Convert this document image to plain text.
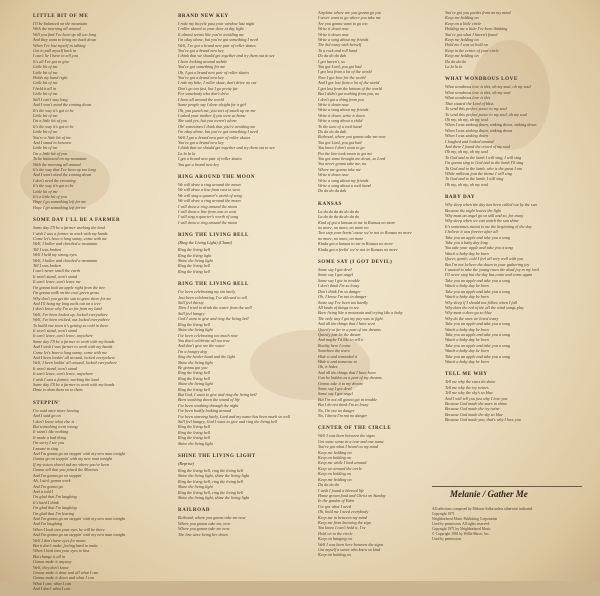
LITTLE BIT OF ME
I'll be balanced on the mountain
With the morning all around
Will you find I've been up all too long
And they want to bring me back down
When I've lost myself in talking
Got to pull myself back in
I can't lie I have to tell you
It's all I've got to give
Little bit of me
Little bit of me
Holds my hand right
Little bit of me
I hold it all in
Little bit of me
Still I can't stay long
And I won't mind the coming down
It's the way it's got to be
Little bit of me
I'm a little bit of you
It's the way it's got to be
Little bit of me
You're a little bit of me
And I stand in between
Little bit of me
I'm a little bit of you
To be balanced on my mountain
With the morning all around
It's the way that I've been up too long
And I won't mind the coming down
I don't need the crowning
It's the way it's got to be
Little bit of me
It's a little bit of you
Hope I go something left for me
Hope I go something left for me
SOME DAY I'LL BE A FARMER
Some day I'll be a farmer working the land
I wish I was a farmer to work with my hands
Come let's have a long sunny, come with me
Well, I holler and clinched a mountain
Till I was broken
Well I held my strong eyes
Well, I holler and clinched a mountain
Till I was broken
I can't never smell the earth
It won't stand, won't stand
It can't leave, can't leave me
I'm gonna look an apple right from the tree
I'm gonna walk on the cool green grass
Why don't you get the sun to grow there for me
And I'll hang my long nails out on a tree
I don't know why I'm so far from my land
Well, I've been locked up, locked everywhere
Well, I've been tricked, out locked everywhere
To build one town it's getting so cold in there
It won't stand, won't stand
It can't leave, can't leave, anywhere
Some day I'll be a farmer to work with my hands
And I wish I was farmer to work with my hands
Come let's have a long sunny, come with me
And I been lookin' all around, locked everywhere
Well, I been lookin' all around, locked everywhere
It won't stand, won't stand
It can't leave, can't leave, anywhere
I wish I was a farmer, working the land
Some day I'll be a farmer to work with my hands
Done to dam them on to them
STEPPIN'
I've said once more leaving
And I said go on
I don't know what else is
But something went wrong
It wasn't like nothing
It made a bad thing
I'm sorry I see you
I meant to sing
And I'm gonna go on steppin' with my new man tonight
Gonna go on steppin' with my new man tonight
If my voices shovel ask me where you've been
Gonna tell that you joined the Marines
And I'm gonna go on steppin'
Ah, I ain't gonna work
And I'm gonna go
And it told I
I'm glad that I'm laughing
It's hard I think
I'm glad that I'm laughing
I'm glad that I'm leaving
And I'm gonna go on steppin' with my new man tonight
And I'm laughing
When I look into your eyes he will be there
And I'm gonna go on steppin' with my new man tonight
Well I don't have eyes for music
But it don't make, feeling hard to make
When I look into your eyes to kiss
But change it all in
Gonna make it anyway
Well, they don't know
Gonna make it done and all what I can
Gonna make it down and what I can
What I can, what I can
And I don't what I can
BRAND NEW KEY
I rode my bicycle past your window last night
I roller skated to your door at day light
It almost seems like you're avoiding me
I'm okay alone, but you've got something I need
Well, I've got a brand new pair of roller skates
You've got a brand new key
I think that we should get together and try them out to see
I been looking around awhile
You've got something for me
Oh, I got a brand new pair of roller skates
You've got a brand new key
I ride my bike, I roller skate, don't drive no car
Don't go too fast, but I go pretty far
For somebody who don't drive
I been all around the world
Some people say I done alright for a girl
Oh, you punch me, you sort of snuck up on me
I asked your mother if you were at home
She said yes, but you weren't alone
Oh! sometimes I think that you're avoiding me
I'm okay alone, but you've got something I need
Well I got a brand new pair of roller skates
You've got a brand new key
I think that we should get together and try them out to see
La la la la
I got a brand new pair of roller skates
You got a brand new key
RING AROUND THE MOON
We will draw a ring around the moon
We will draw a line from east to west
We will sing a quarter's worth of song
We will draw a ring around the moon
I will draw a ring around the moon
I will draw a line from east to west
I will sing a quarter's worth of song
I will draw a ring around the moon
RING THE LIVING BELL
(Ring the Living Light) (Chant)
Ring the living bell
Ring the living light
Shine the living light
Ring the living bell
Ring the living bell
RING THE LIVING BELL
I've been celebrating my sin lately
Just been celebrating, I've allowed to tell
Still feel thirsty
Then I tried to drink the water from the well
Still feel hungry
God I want to give and ring the living bell
Ring the living bell
Shine the living light
I've been celebrating too much now
You don't celebrate all too true
And don't give me the water
I'm a hungry dog
Sing the healer hand and the light
Shine the living light
Be gonna got you
Ring the living bell
Ring the living bell
Shine the living light
Ring the living bell
But God, I want to give and ring the living bell
Been soothing down the sound of life
I've been soothing through the night
I've been bodily looking around
I've been starving lately, Lord and my name has been much so well
Still feel hungry, God I want to give and ring the living bell
Ring the living bell
Ring the living bell
Ring the living bell
Shine the living light
SHINE THE LIVING LIGHT
(Reprise)
Ring the living bell, ring the living bell
Shine the living light, shine the living light
Ring the living bell, ring the living bell
Shine the living light
Ring the living bell, ring the living bell
Shine the living light, shine the living light
RAILROAD
Railroad, where you gonna take me now
Where you gonna take me, now
Where you gonna take me now
The line were being her down
Airplane where are you gonna go you
I never want to go where you take me
Are you gonna want to go too
Write it down now
Write it down now
Write a song about my friends
The kid away with herself
To a rock and roll band
Do da do da dah
I got haven't, so
You got Lord, you got bad
I got lost from a lot of the world
Now I got love for the world
And I got lost from a lot of the world
I got lost from the bottom of the world
But I didn't got nothing from you, no
I don't got a thing from you
Write it down now
Write a song about my friends
Write it down, write it down
Write a song about a child
To the tune of a rock band
Do da do da dah
Railroad, where you gonna take me now
You got Lord, you got bad
You know I don't want to go
Put the line took moon to get me
You got some brought me down, so Lord
You never gonna take me, no
Where are gonna take me
Write it down now
Write a song about my friends
Write a song about a rock band
Do da do da dah
KANSAS
La da do da da do da do
La da do da da do da do
Kind of got a kansas to me in Kansas no more
no more, no more, no more no
Two step your boots' cause we're not in Kansas no more
no more, no more, no more
Kinda got a kansas to me in Kansas no more
Kinda got a feelin' we're not in Kansas no more
SOME SAY (I GOT DEVIL)
Some say I got devil
Some say I got angel
Some say I got in trouble
I don't think I'm so lousy
Don't think I'm so danger
Oh, I know I'm not in danger
Some say I've been too hardly
All kinds of things to see
Been living like a mountain and crying like a baby
The only way I got my pay was to fight
And all the things that I have seen
Quietly so far in a part of our dreams
Quietly just let the dream
And maybe I'd like to tell it
Reality here I come
Somehow the tears
Hide it and reminded it
Hide it and someone to
Oh, it hides
And all the things that I have been
Can be hidden as a part of my dreams
Gonna take it to my dream
Some say I got devil
Some say I got angel
But I'm not all gonna get in trouble
But I do not think I'm so lousy
No, I'm not no danger
No, I know I'm not no danger
CENTER OF THE CIRCLE
Well I was born between the signs
Got some sense in a tear and one name
You've got what I heard on my mind
Keep me holding on
Keep on holding on
Keep me while I look around
Keep we around the circle
Keep on holding on
Keep me holding on
Da da da da
I wish I found a blessed life
Home grown food and Christ on Sunday
In the garden of Eden
I've got what I need
Oh, hold me I need everybody
Keep me in between my mind
Keep me from knowing the sign
You know I can't hold it, I've
Hold on to the circle
Keep on hanging on
Well I was born here between the signs
Got myself a sweet who knew so kind
Keep on holding on
You've got you pocket from on my mind
Keep me holding on
Keep on a little circle
Holding me a little I've been thinking
You've got what I haven't found
Keep me holding on
Hold me I was so hold on
Keep in the center of your circle
Keep me holding on
Da da da da
La la la la
WHAT WONDROUS LOVE
What wondrous love is this, oh my soul, oh my soul
What wondrous love is this, oh my soul
What wondrous love is this
That caused the Lord of bliss
To send this perfect peace to my soul
To send this perfect peace to my soul, oh my soul
Oh my, oh my, oh my soul
When I was sinking down, sinking down, sinking down
When I was sinking down, sinking down
When I was sinking down
I laughed and looked around
And there I found the crowd of my soul
Oh my, oh my, oh my soul
To God and to the lamb I will sing, I will sing
I'm gonna sing to God and to the lamb I'll sing
To God and to the lamb, who is the great I am
While millions join the theme I will sing
To God and to the lamb, I will sing
Oh my, oh my, oh my soul
BABY DAY
Why sleep when the day has been called out by the sun
Because the night leaves the light
Why must an angel go so still and so, far away
Why sleep when we can watch the sun shine
It's sometimes meant to me the beginning of the day
I believe it was forever after all
Take you an apple and take you a song
Take you a baby day long
You take your apple and take you a song
Watch a baby day be born
Queer, gentle, cold I feel all very well with you
But I'm not believe the dawn to your gathering joy
I wanted to take the young roses the dead joy to my lord
I'll never stop but the day has come and come again
Take you an apple and take you a song
Watch a baby day be born
Take you an apple and take you a song
Watch a baby day be born
Why sleep if I should not follow when I fall
Why does the red of the all the wind songs play
Why must a dove go so blue
Why do the ones we loved away
Take you an apple and take you a song
Watch a baby day be born
Take you an apple and take you a song
Watch a baby day be born
Take you an apple and take you a song
Watch a baby day be born
Take you an apple and take you a song
Watch a baby day be born
TELL ME WHY
Tell me why the stars do shine
Tell me why the ivy twines
Tell me why the sky's so blue
And I will tell you just why I love you
Because God made the stars to shine
Because God made the ivy twine
Because God made the sky so blue
Because God made you, that's why I love you
Melanie / Gather Me
All selections composed by Melanie Safka unless otherwise indicated.
Copyright 1971
Neighborhood Music Publishing Corporation
Used by permission. All rights reserved.
Copyright 1971 by Neighborhood Music
© Copyright 1965 by Willie Music, Inc.
Used by permission.
